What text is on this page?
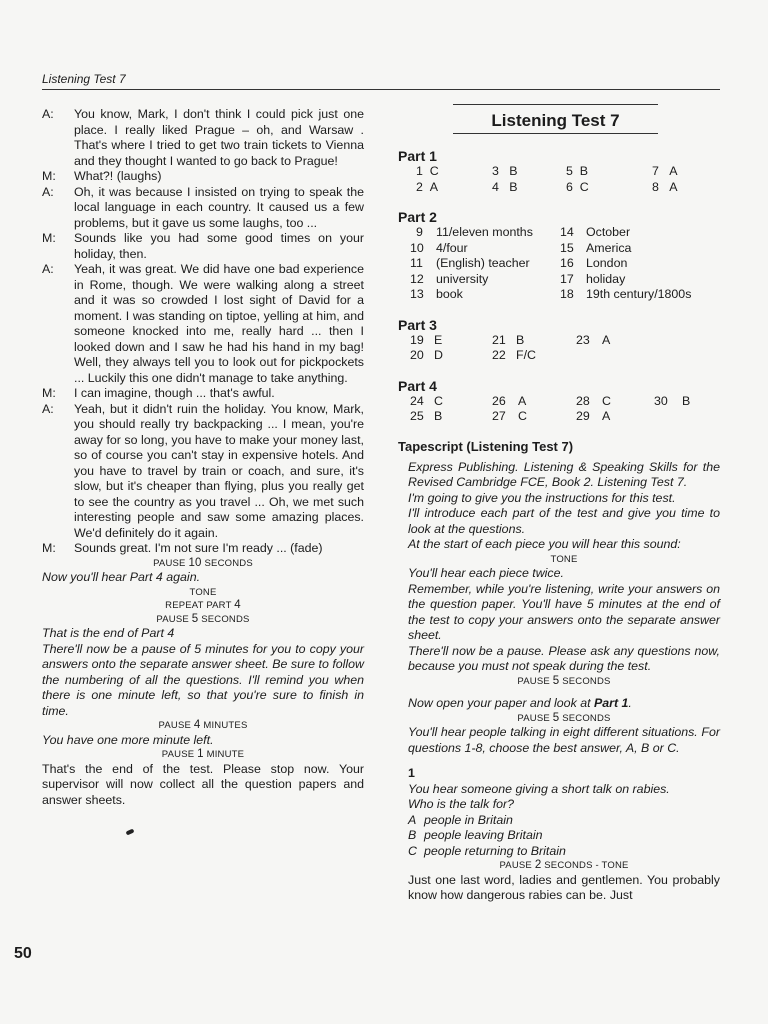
Listening Test 7
A:	You know, Mark, I don't think I could pick just one place. I really liked Prague – oh, and Warsaw . That's where I tried to get two train tickets to Vienna and they thought I wanted to go back to Prague!
M:	What?! (laughs)
A:	Oh, it was because I insisted on trying to speak the local language in each country. It caused us a few problems, but it gave us some laughs, too ...
M:	Sounds like you had some good times on your holiday, then.
A:	Yeah, it was great. We did have one bad experience in Rome, though. We were walking along a street and it was so crowded I lost sight of David for a moment. I was standing on tiptoe, yelling at him, and someone knocked into me, really hard ... then I looked down and I saw he had his hand in my bag! Well, they always tell you to look out for pickpockets ... Luckily this one didn't manage to take anything.
M:	I can imagine, though ... that's awful.
A:	Yeah, but it didn't ruin the holiday. You know, Mark, you should really try backpacking ... I mean, you're away for so long, you have to make your money last, so of course you can't stay in expensive hotels. And you have to travel by train or coach, and sure, it's slow, but it's cheaper than flying, plus you really get to see the country as you travel ... Oh, we met such interesting people and saw some amazing places. We'd definitely do it again.
M:	Sounds great. I'm not sure I'm ready ... (fade)
PAUSE 10 SECONDS
Now you'll hear Part 4 again.
TONE
REPEAT PART 4
PAUSE 5 SECONDS
That is the end of Part 4
There'll now be a pause of 5 minutes for you to copy your answers onto the separate answer sheet. Be sure to follow the numbering of all the questions. I'll remind you when there is one minute left, so that you're sure to finish in time.
PAUSE 4 MINUTES
You have one more minute left.
PAUSE 1 MINUTE
That's the end of the test. Please stop now. Your supervisor will now collect all the question papers and answer sheets.
Listening Test 7
Part 1
1 C	3 B	5 B	7 A
2 A	4 B	6 C	8 A
Part 2
9 11/eleven months 14 October
10 4/four	15 America
11 (English) teacher 16 London
12 university	17 holiday
13 book	18 19th century/1800s
Part 3
19 E	21 B	23 A
20 D	22 F/C
Part 4
24 C	26 A	28 C	30 B
25 B	27 C	29 A
Tapescript (Listening Test 7)
Express Publishing. Listening & Speaking Skills for the Revised Cambridge FCE, Book 2. Listening Test 7.
I'm going to give you the instructions for this test.
I'll introduce each part of the test and give you time to look at the questions.
At the start of each piece you will hear this sound:
TONE
You'll hear each piece twice.
Remember, while you're listening, write your answers on the question paper. You'll have 5 minutes at the end of the test to copy your answers onto the separate answer sheet.
There'll now be a pause. Please ask any questions now, because you must not speak during the test.
PAUSE 5 SECONDS
Now open your paper and look at Part 1.
PAUSE 5 SECONDS
You'll hear people talking in eight different situations. For questions 1-8, choose the best answer, A, B or C.
1
You hear someone giving a short talk on rabies.
Who is the talk for?
A people in Britain
B people leaving Britain
C people returning to Britain
PAUSE 2 SECONDS - TONE
Just one last word, ladies and gentlemen. You probably know how dangerous rabies can be. Just
50
